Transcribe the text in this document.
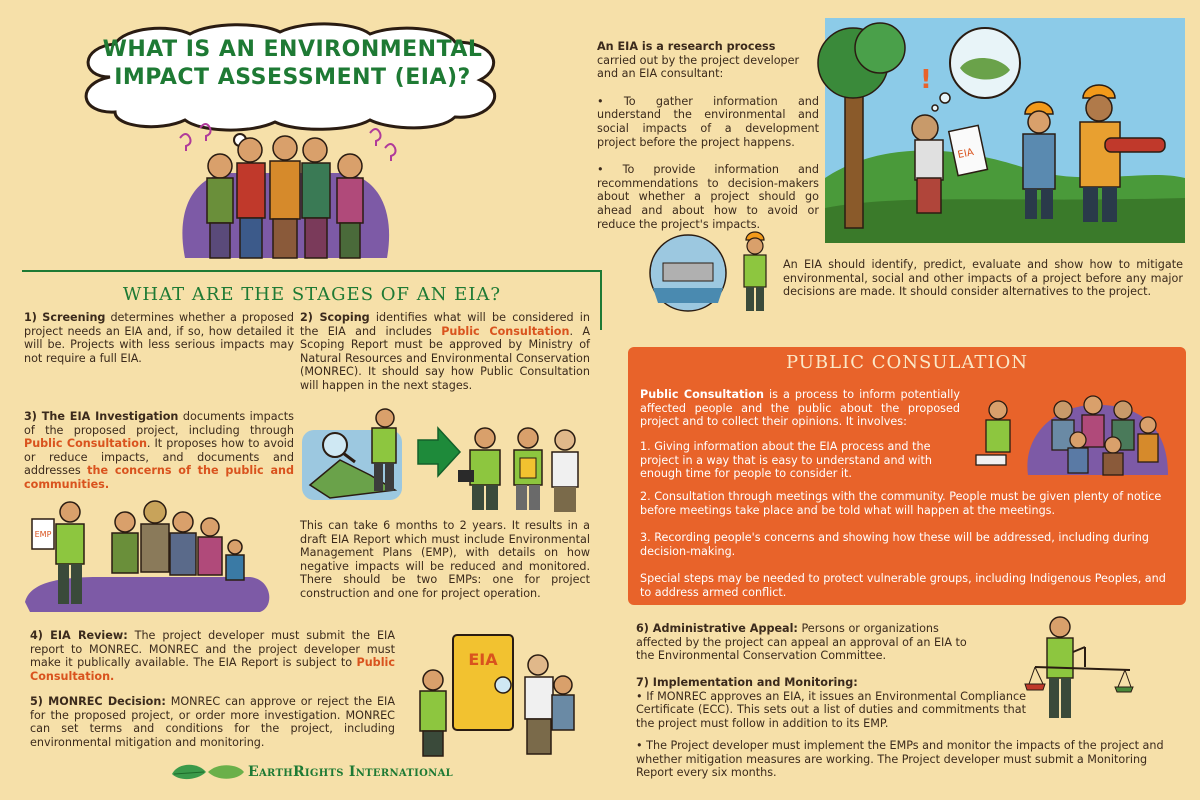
WHAT IS AN ENVIRONMENTAL
IMPACT ASSESSMENT (EIA)?
WHAT ARE THE STAGES OF AN EIA?
1) Screening determines whether a proposed project needs an EIA and, if so, how detailed it will be. Projects with less serious impacts may not require a full EIA.
2) Scoping identifies what will be considered in the EIA and includes Public Consultation. A Scoping Report must be approved by Ministry of Natural Resources and Environmental Conservation (MONREC). It should say how Public Consultation will happen in the next stages.
3) The EIA Investigation documents impacts of the proposed project, including through Public Consultation. It proposes how to avoid or reduce impacts, and documents and addresses the concerns of the public and communities.
EMP
This can take 6 months to 2 years. It results in a draft EIA Report which must include Environmental Management Plans (EMP), with details on how negative impacts will be reduced and monitored. There should be two EMPs: one for project construction and one for project operation.
4) EIA Review: The project developer must submit the EIA report to MONREC. MONREC and the project developer must make it publically available. The EIA Report is subject to Public Consultation.
5) MONREC Decision: MONREC can approve or reject the EIA for the proposed project, or order more investigation. MONREC can set terms and conditions for the project, including environmental mitigation and monitoring.
EIA
EarthRights International
An EIA is a research process
carried out by the project developer and an EIA consultant:
• To gather information and understand the environmental and social impacts of a development project before the project happens.
• To provide information and recommendations to decision-makers about whether a project should go ahead and about how to avoid or reduce the project's impacts.
!
EIA
An EIA should identify, predict, evaluate and show how to mitigate environmental, social and other impacts of a project before any major decisions are made. It should consider alternatives to the project.
PUBLIC CONSULATION
Public Consultation is a process to inform potentially affected people and the public about the proposed project and to collect their opinions. It involves:
1. Giving information about the EIA process and the project in a way that is easy to understand and with enough time for people to consider it.
2. Consultation through meetings with the community. People must be given plenty of notice before meetings take place and be told what will happen at the meetings.
3. Recording people's concerns and showing how these will be addressed, including during decision-making.
Special steps may be needed to protect vulnerable groups, including Indigenous Peoples, and to address armed conflict.
6) Administrative Appeal: Persons or organizations affected by the project can appeal an approval of an EIA to the Environmental Conservation Committee.
7) Implementation and Monitoring:
• If MONREC approves an EIA, it issues an Environmental Compliance Certificate (ECC). This sets out a list of duties and commitments that the project must follow in addition to its EMP.
• The Project developer must implement the EMPs and monitor the impacts of the project and whether mitigation measures are working. The Project developer must submit a Monitoring Report every six months.
